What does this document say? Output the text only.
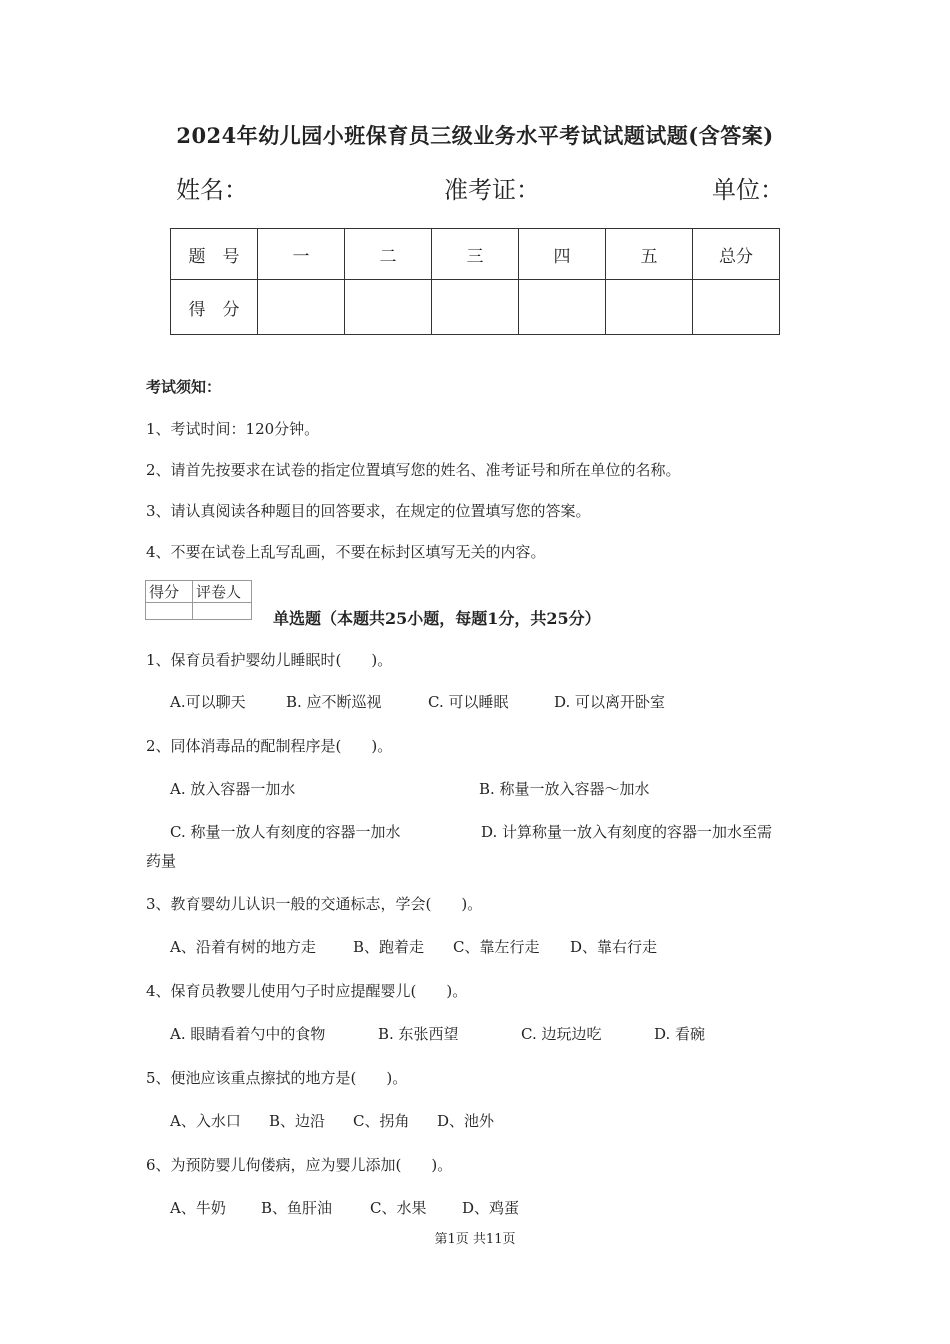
2024年幼儿园小班保育员三级业务水平考试试题试题(含答案)
姓名：	准考证：	单位：
题　号	一	二	三	四	五	总分
得　分						
考试须知：
1、考试时间：120分钟。
2、请首先按要求在试卷的指定位置填写您的姓名、准考证号和所在单位的名称。
3、请认真阅读各种题目的回答要求，在规定的位置填写您的答案。
4、不要在试卷上乱写乱画，不要在标封区填写无关的内容。
得分	评卷人

单选题（本题共25小题，每题1分，共25分）
1、保育员看护婴幼儿睡眠时(　　)。
A.可以聊天	B. 应不断巡视	C. 可以睡眠	D. 可以离开卧室
2、同体消毒品的配制程序是(　　)。
A. 放入容器一加水	B. 称量一放入容器～加水
C. 称量一放人有刻度的容器一加水	D. 计算称量一放入有刻度的容器一加水至需
药量
3、教育婴幼儿认识一般的交通标志，学会(　　)。
A、沿着有树的地方走 B、跑着走 C、靠左行走 D、靠右行走
4、保育员教婴儿使用勺子时应提醒婴儿(　　)。
A. 眼睛看着勺中的食物	B. 东张西望	C. 边玩边吃	D. 看碗
5、便池应该重点擦拭的地方是(　　)。
A、入水口 B、边沿 C、拐角 D、池外
6、为预防婴儿佝偻病，应为婴儿添加(　　)。
A、牛奶 B、鱼肝油	C、水果 D、鸡蛋
第1页 共11页
